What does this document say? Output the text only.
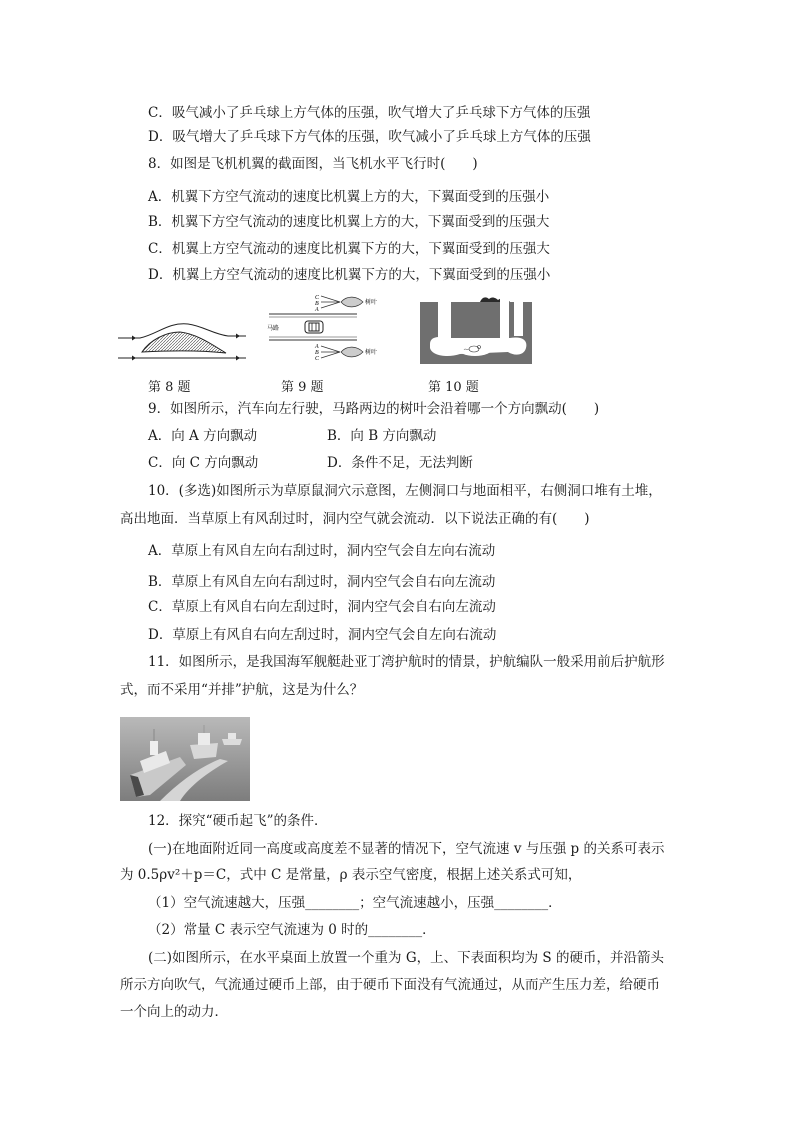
C．吸气减小了乒乓球上方气体的压强，吹气增大了乒乓球下方气体的压强
D．吸气增大了乒乓球下方气体的压强，吹气减小了乒乓球上方气体的压强
8．如图是飞机机翼的截面图，当飞机水平飞行时(　　)
A．机翼下方空气流动的速度比机翼上方的大，下翼面受到的压强小
B．机翼下方空气流动的速度比机翼上方的大，下翼面受到的压强大
C．机翼上方空气流动的速度比机翼下方的大，下翼面受到的压强大
D．机翼上方空气流动的速度比机翼下方的大，下翼面受到的压强小
C
B
A
A
B
C
树叶
树叶
马路
第 8 题	第 9 题	第 10 题
9．如图所示，汽车向左行驶，马路两边的树叶会沿着哪一个方向飘动(　　)
A．向 A 方向飘动	B．向 B 方向飘动
C．向 C 方向飘动	D．条件不足，无法判断
10．(多选)如图所示为草原鼠洞穴示意图，左侧洞口与地面相平，右侧洞口堆有土堆，
高出地面．当草原上有风刮过时，洞内空气就会流动．以下说法正确的有(　　)
A．草原上有风自左向右刮过时，洞内空气会自左向右流动
B．草原上有风自左向右刮过时，洞内空气会自右向左流动
C．草原上有风自右向左刮过时，洞内空气会自右向左流动
D．草原上有风自右向左刮过时，洞内空气会自左向右流动
11．如图所示，是我国海军舰艇赴亚丁湾护航时的情景，护航编队一般采用前后护航形
式，而不采用“并排”护航，这是为什么？
12．探究“硬币起飞”的条件．
(一)在地面附近同一高度或高度差不显著的情况下，空气流速 v 与压强 p 的关系可表示
为 0.5ρv²＋p＝C，式中 C 是常量，ρ 表示空气密度，根据上述关系式可知，
（1）空气流速越大，压强________；空气流速越小，压强________．
（2）常量 C 表示空气流速为 0 时的________．
(二)如图所示，在水平桌面上放置一个重为 G，上、下表面积均为 S 的硬币，并沿箭头
所示方向吹气，气流通过硬币上部，由于硬币下面没有气流通过，从而产生压力差，给硬币
一个向上的动力．
